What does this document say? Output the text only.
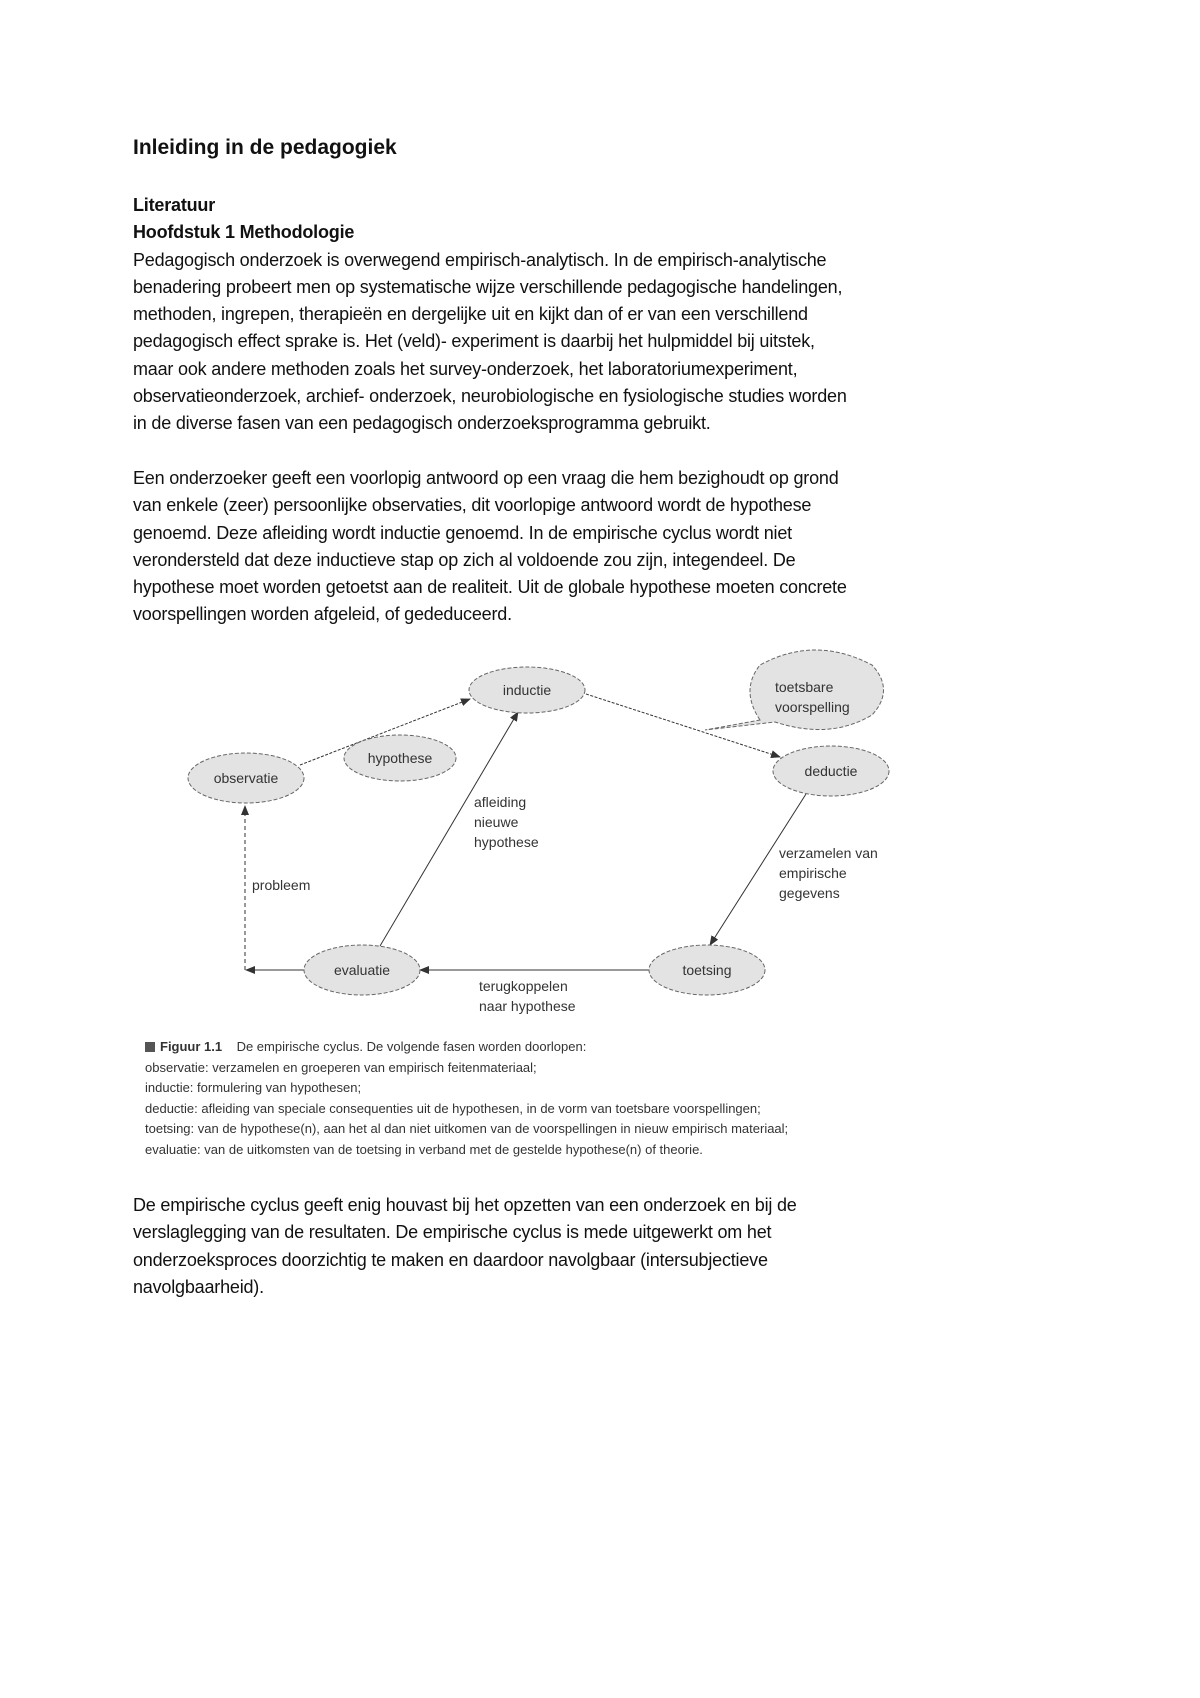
Inleiding in de pedagogiek
Literatuur
Hoofdstuk 1 Methodologie
Pedagogisch onderzoek is overwegend empirisch-analytisch. In de empirisch-analytische
benadering probeert men op systematische wijze verschillende pedagogische handelingen,
methoden, ingrepen, therapieën en dergelijke uit en kijkt dan of er van een verschillend
pedagogisch effect sprake is. Het (veld)- experiment is daarbij het hulpmiddel bij uitstek,
maar ook andere methoden zoals het survey-onderzoek, het laboratoriumexperiment,
observatieonderzoek, archief- onderzoek, neurobiologische en fysiologische studies worden
in de diverse fasen van een pedagogisch onderzoeksprogramma gebruikt.
Een onderzoeker geeft een voorlopig antwoord op een vraag die hem bezighoudt op grond
van enkele (zeer) persoonlijke observaties, dit voorlopige antwoord wordt de hypothese
genoemd. Deze afleiding wordt inductie genoemd. In de empirische cyclus wordt niet
verondersteld dat deze inductieve stap op zich al voldoende zou zijn, integendeel. De
hypothese moet worden getoetst aan de realiteit. Uit de globale hypothese moeten concrete
voorspellingen worden afgeleid, of gededuceerd.
inductie	toetsbare
voorspelling
hypothese
observatie	deductie
evaluatie	toetsing
afleiding
nieuwe
hypothese
verzamelen van
empirische
gegevens
probleem
terugkoppelen
naar hypothese
Figuur 1.1 De empirische cyclus. De volgende fasen worden doorlopen:
observatie: verzamelen en groeperen van empirisch feitenmateriaal;
inductie: formulering van hypothesen;
deductie: afleiding van speciale consequenties uit de hypothesen, in de vorm van toetsbare voorspellingen;
toetsing: van de hypothese(n), aan het al dan niet uitkomen van de voorspellingen in nieuw empirisch materiaal;
evaluatie: van de uitkomsten van de toetsing in verband met de gestelde hypothese(n) of theorie.
De empirische cyclus geeft enig houvast bij het opzetten van een onderzoek en bij de
verslaglegging van de resultaten. De empirische cyclus is mede uitgewerkt om het
onderzoeksproces doorzichtig te maken en daardoor navolgbaar (intersubjectieve
navolgbaarheid).
